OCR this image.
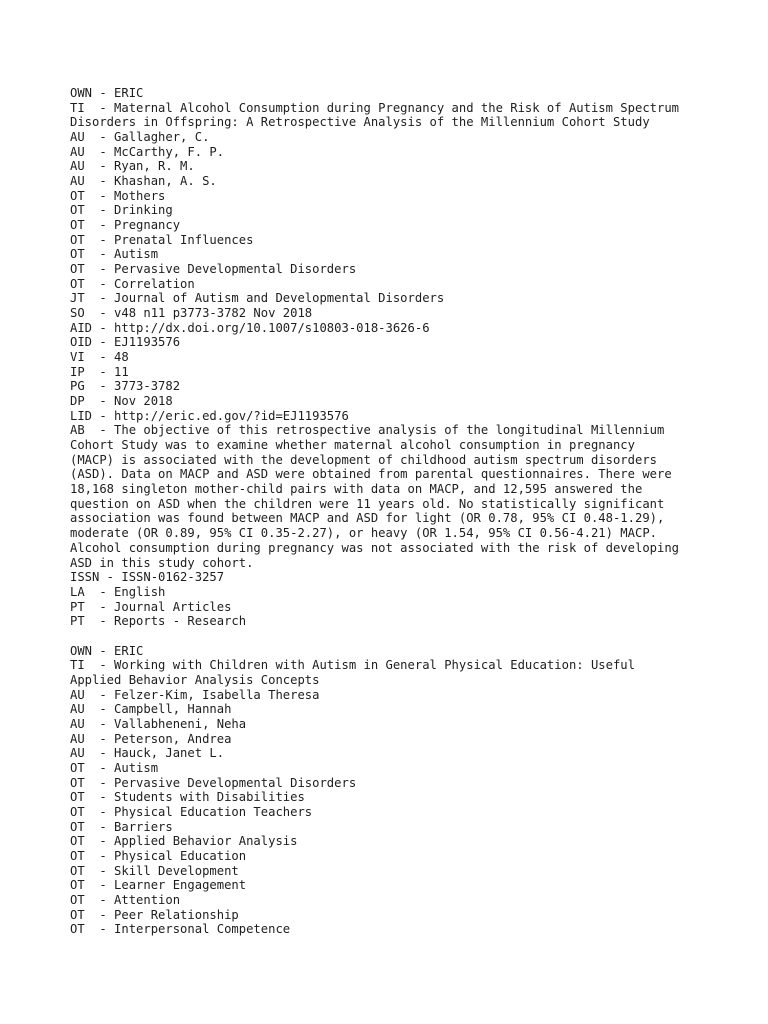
OWN - ERIC
TI  - Maternal Alcohol Consumption during Pregnancy and the Risk of Autism Spectrum
Disorders in Offspring: A Retrospective Analysis of the Millennium Cohort Study
AU  - Gallagher, C.
AU  - McCarthy, F. P.
AU  - Ryan, R. M.
AU  - Khashan, A. S.
OT  - Mothers
OT  - Drinking
OT  - Pregnancy
OT  - Prenatal Influences
OT  - Autism
OT  - Pervasive Developmental Disorders
OT  - Correlation
JT  - Journal of Autism and Developmental Disorders
SO  - v48 n11 p3773-3782 Nov 2018
AID - http://dx.doi.org/10.1007/s10803-018-3626-6
OID - EJ1193576
VI  - 48
IP  - 11
PG  - 3773-3782
DP  - Nov 2018
LID - http://eric.ed.gov/?id=EJ1193576
AB  - The objective of this retrospective analysis of the longitudinal Millennium
Cohort Study was to examine whether maternal alcohol consumption in pregnancy
(MACP) is associated with the development of childhood autism spectrum disorders
(ASD). Data on MACP and ASD were obtained from parental questionnaires. There were
18,168 singleton mother-child pairs with data on MACP, and 12,595 answered the
question on ASD when the children were 11 years old. No statistically significant
association was found between MACP and ASD for light (OR 0.78, 95% CI 0.48-1.29),
moderate (OR 0.89, 95% CI 0.35-2.27), or heavy (OR 1.54, 95% CI 0.56-4.21) MACP.
Alcohol consumption during pregnancy was not associated with the risk of developing
ASD in this study cohort.
ISSN - ISSN-0162-3257
LA  - English
PT  - Journal Articles
PT  - Reports - Research
OWN - ERIC
TI  - Working with Children with Autism in General Physical Education: Useful
Applied Behavior Analysis Concepts
AU  - Felzer-Kim, Isabella Theresa
AU  - Campbell, Hannah
AU  - Vallabheneni, Neha
AU  - Peterson, Andrea
AU  - Hauck, Janet L.
OT  - Autism
OT  - Pervasive Developmental Disorders
OT  - Students with Disabilities
OT  - Physical Education Teachers
OT  - Barriers
OT  - Applied Behavior Analysis
OT  - Physical Education
OT  - Skill Development
OT  - Learner Engagement
OT  - Attention
OT  - Peer Relationship
OT  - Interpersonal Competence
